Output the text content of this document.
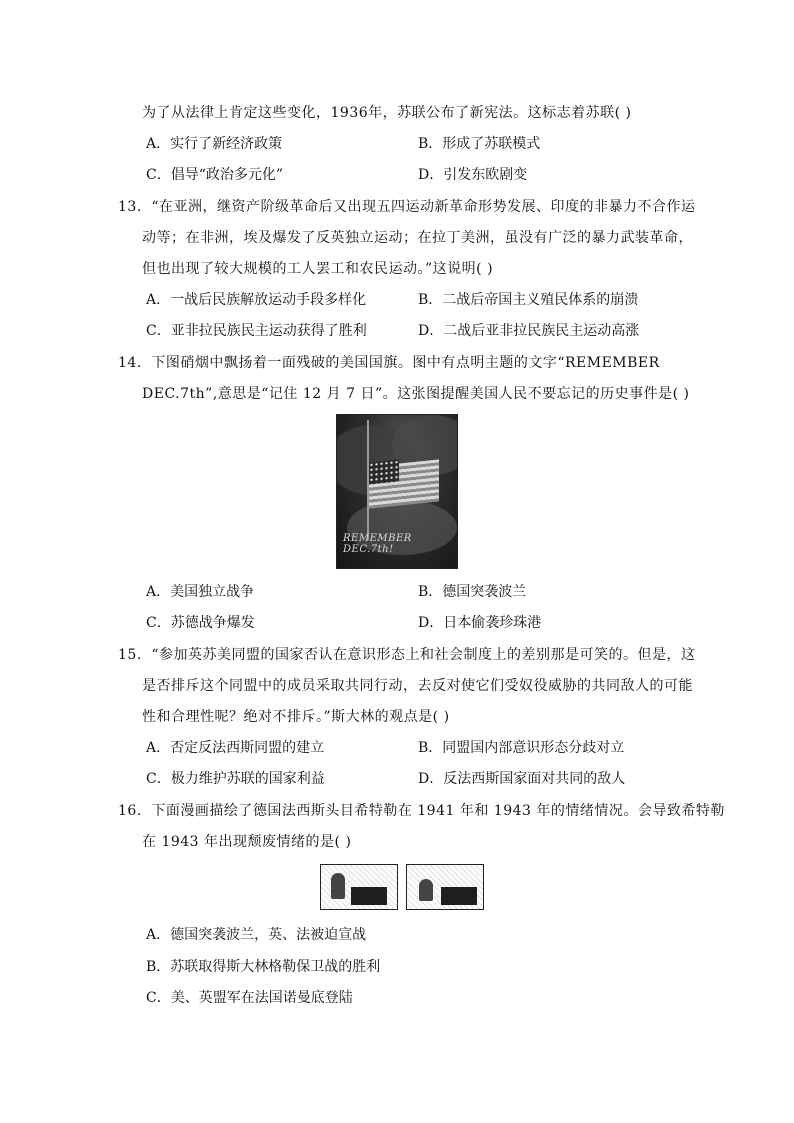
为了从法律上肯定这些变化，1936年，苏联公布了新宪法。这标志着苏联( )
A．实行了新经济政策	B．形成了苏联模式
C．倡导“政治多元化”	D．引发东欧剧变
13．“在亚洲，继资产阶级革命后又出现五四运动新革命形势发展、印度的非暴力不合作运
动等；在非洲，埃及爆发了反英独立运动；在拉丁美洲，虽没有广泛的暴力武装革命，
但也出现了较大规模的工人罢工和农民运动。”这说明( )
A．一战后民族解放运动手段多样化	B．二战后帝国主义殖民体系的崩溃
C．亚非拉民族民主运动获得了胜利	D．二战后亚非拉民族民主运动高涨
14．下图硝烟中飘扬着一面残破的美国国旗。图中有点明主题的文字“REMEMBER
DEC.7th”,意思是“记住 12 月 7 日”。这张图提醒美国人民不要忘记的历史事件是( )
REMEMBER DEC.7th!
A．美国独立战争	B．德国突袭波兰
C．苏德战争爆发	D．日本偷袭珍珠港
15．“参加英苏美同盟的国家否认在意识形态上和社会制度上的差别那是可笑的。但是，这
是否排斥这个同盟中的成员采取共同行动，去反对使它们受奴役威胁的共同敌人的可能
性和合理性呢？绝对不排斥。”斯大林的观点是( )
A．否定反法西斯同盟的建立	B．同盟国内部意识形态分歧对立
C．极力维护苏联的国家利益	D．反法西斯国家面对共同的敌人
16．下面漫画描绘了德国法西斯头目希特勒在 1941 年和 1943 年的情绪情况。会导致希特勒
在 1943 年出现颓废情绪的是( )
A．德国突袭波兰，英、法被迫宣战
B．苏联取得斯大林格勒保卫战的胜利
C．美、英盟军在法国诺曼底登陆
